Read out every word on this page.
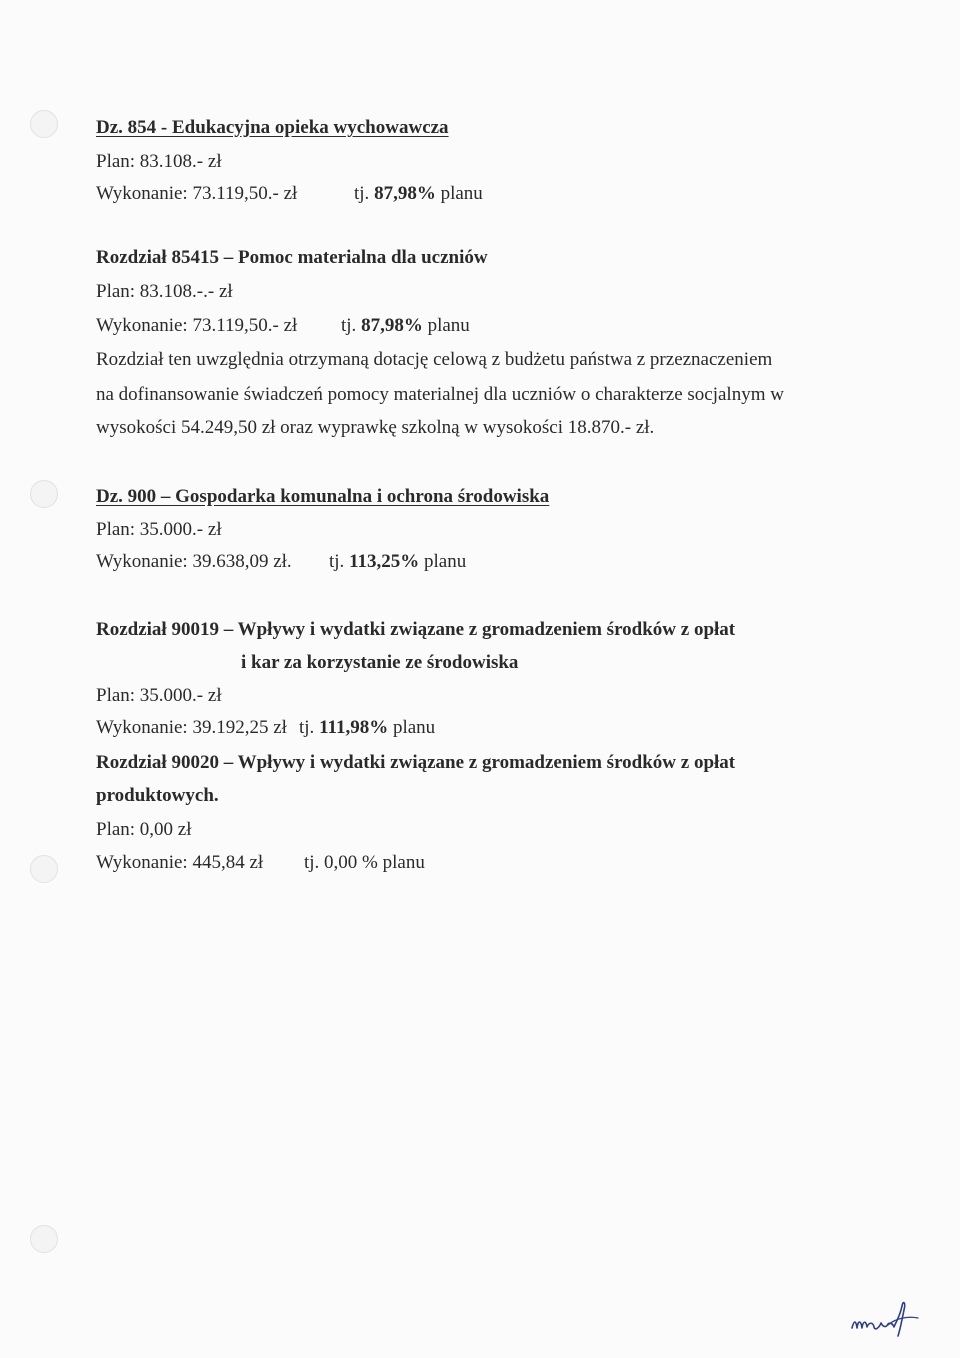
Dz. 854 - Edukacyjna opieka wychowawcza
Plan: 83.108.- zł
Wykonanie: 73.119,50.- zł	tj. 87,98% planu
Rozdział 85415 – Pomoc materialna dla uczniów
Plan: 83.108.-.- zł
Wykonanie: 73.119,50.- zł tj. 87,98% planu
Rozdział ten uwzględnia otrzymaną dotację celową z budżetu państwa z przeznaczeniem
na dofinansowanie świadczeń pomocy materialnej dla uczniów o charakterze socjalnym w
wysokości 54.249,50 zł oraz wyprawkę szkolną w wysokości 18.870.- zł.
Dz. 900 – Gospodarka komunalna i ochrona środowiska
Plan: 35.000.- zł
Wykonanie: 39.638,09 zł. tj. 113,25% planu
Rozdział 90019 – Wpływy i wydatki związane z gromadzeniem środków z opłat
i kar za korzystanie ze środowiska
Plan: 35.000.- zł
Wykonanie: 39.192,25 zł tj. 111,98% planu
Rozdział 90020 – Wpływy i wydatki związane z gromadzeniem środków z opłat
produktowych.
Plan: 0,00 zł
Wykonanie: 445,84 zł tj. 0,00 % planu
